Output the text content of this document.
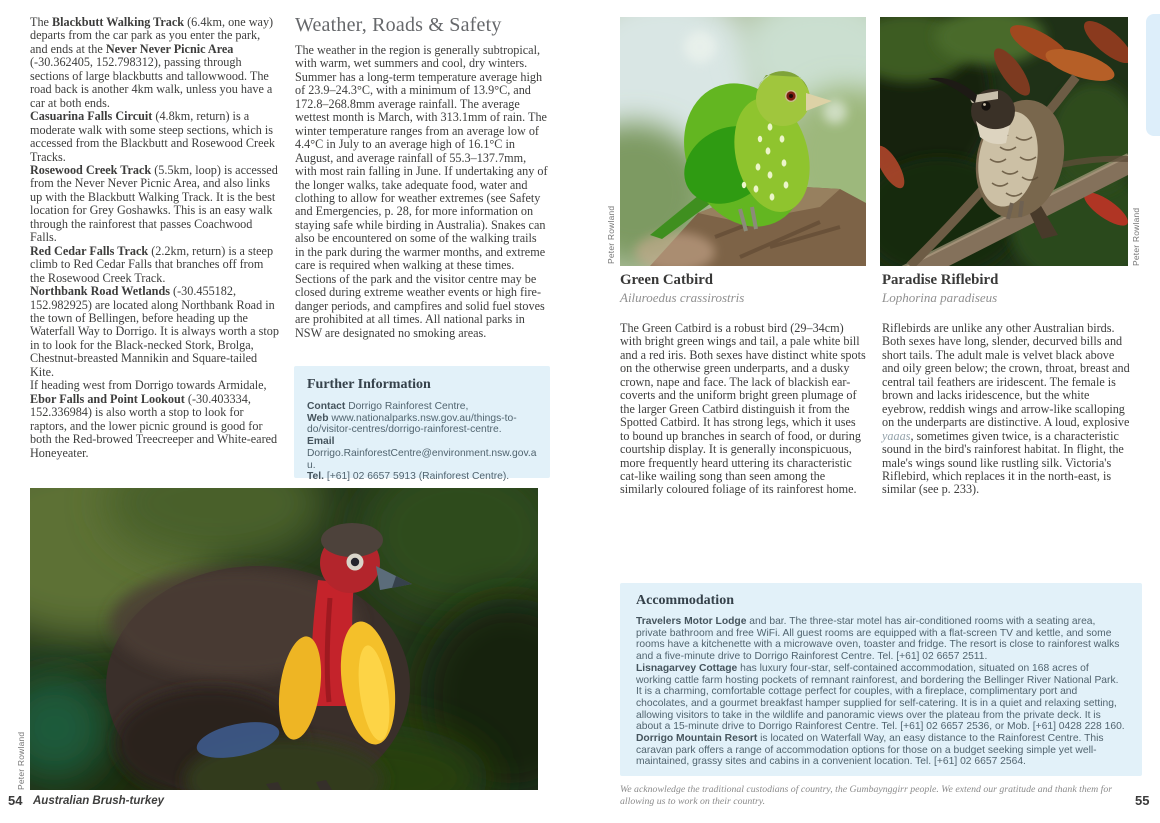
The Blackbutt Walking Track (6.4km, one way) departs from the car park as you enter the park, and ends at the Never Never Picnic Area (-30.362405, 152.798312), passing through sections of large blackbutts and tallowwood. The road back is another 4km walk, unless you have a car at both ends.

Casuarina Falls Circuit (4.8km, return) is a moderate walk with some steep sections, which is accessed from the Blackbutt and Rosewood Creek Tracks.

Rosewood Creek Track (5.5km, loop) is accessed from the Never Never Picnic Area, and also links up with the Blackbutt Walking Track. It is the best location for Grey Goshawks. This is an easy walk through the rainforest that passes Coachwood Falls.

Red Cedar Falls Track (2.2km, return) is a steep climb to Red Cedar Falls that branches off from the Rosewood Creek Track.

Northbank Road Wetlands (-30.455182, 152.982925) are located along Northbank Road in the town of Bellingen, before heading up the Waterfall Way to Dorrigo. It is always worth a stop in to look for the Black-necked Stork, Brolga, Chestnut-breasted Mannikin and Square-tailed Kite.

If heading west from Dorrigo towards Armidale, Ebor Falls and Point Lookout (-30.403334, 152.336984) is also worth a stop to look for raptors, and the lower picnic ground is good for both the Red-browed Treecreeper and White-eared Honeyeater.

Weather, Roads & Safety

The weather in the region is generally subtropical, with warm, wet summers and cool, dry winters. Summer has a long-term temperature average high of 23.9–24.3°C, with a minimum of 13.9°C, and 172.8–268.8mm average rainfall. The average wettest month is March, with 313.1mm of rain. The winter temperature ranges from an average low of 4.4°C in July to an average high of 16.1°C in August, and average rainfall of 55.3–137.7mm, with most rain falling in June. If undertaking any of the longer walks, take adequate food, water and clothing to allow for weather extremes (see Safety and Emergencies, p. 28, for more information on staying safe while birding in Australia). Snakes can also be encountered on some of the walking trails in the park during the warmer months, and extreme care is required when walking at these times. Sections of the park and the visitor centre may be closed during extreme weather events or high fire-danger periods, and campfires and solid fuel stoves are prohibited at all times. All national parks in NSW are designated no smoking areas.

Further Information

Contact Dorrigo Rainforest Centre,

Web www.nationalparks.nsw.gov.au/things-to-do/visitor-centres/dorrigo-rainforest-centre.

Email Dorrigo.RainforestCentre@environment.nsw.gov.au.

Tel. [+61] 02 6657 5913 (Rainforest Centre).

Peter Rowland
54 Australian Brush-turkey
Peter Rowland	Peter Rowland
Green Catbird

Ailuroedus crassirostris

The Green Catbird is a robust bird (29–34cm) with bright green wings and tail, a pale white bill and a red iris. Both sexes have distinct white spots on the otherwise green underparts, and a dusky crown, nape and face. The lack of blackish ear-coverts and the uniform bright green plumage of the larger Green Catbird distinguish it from the Spotted Catbird. It has strong legs, which it uses to bound up branches in search of food, or during courtship display. It is generally inconspicuous, more frequently heard uttering its characteristic cat-like wailing song than seen among the similarly coloured foliage of its rainforest home.

Paradise Riflebird

Lophorina paradiseus

Riflebirds are unlike any other Australian birds. Both sexes have long, slender, decurved bills and short tails. The adult male is velvet black above and oily green below; the crown, throat, breast and central tail feathers are iridescent. The female is brown and lacks iridescence, but the white eyebrow, reddish wings and arrow-like scalloping on the underparts are distinctive. A loud, explosive yaaas, sometimes given twice, is a characteristic sound in the bird's rainforest habitat. In flight, the male's wings sound like rustling silk. Victoria's Riflebird, which replaces it in the north-east, is similar (see p. 233).

Accommodation

Travelers Motor Lodge and bar. The three-star motel has air-conditioned rooms with a seating area, private bathroom and free WiFi. All guest rooms are equipped with a flat-screen TV and kettle, and some rooms have a kitchenette with a microwave oven, toaster and fridge. The resort is close to rainforest walks and a five-minute drive to Dorrigo Rainforest Centre. Tel. [+61] 02 6657 2511.

Lisnagarvey Cottage has luxury four-star, self-contained accommodation, situated on 168 acres of working cattle farm hosting pockets of remnant rainforest, and bordering the Bellinger River National Park. It is a charming, comfortable cottage perfect for couples, with a fireplace, complimentary port and chocolates, and a gourmet breakfast hamper supplied for self-catering. It is in a quiet and relaxing setting, allowing visitors to take in the wildlife and panoramic views over the plateau from the private deck. It is about a 15-minute drive to Dorrigo Rainforest Centre. Tel. [+61] 02 6657 2536, or Mob. [+61] 0428 228 160.

Dorrigo Mountain Resort is located on Waterfall Way, an easy distance to the Rainforest Centre. This caravan park offers a range of accommodation options for those on a budget seeking simple yet well-maintained, grassy sites and cabins in a convenient location. Tel. [+61] 02 6657 2564.

We acknowledge the traditional custodians of country, the Gumbaynggirr people. We extend our gratitude and thank them for allowing us to work on their country.	55
